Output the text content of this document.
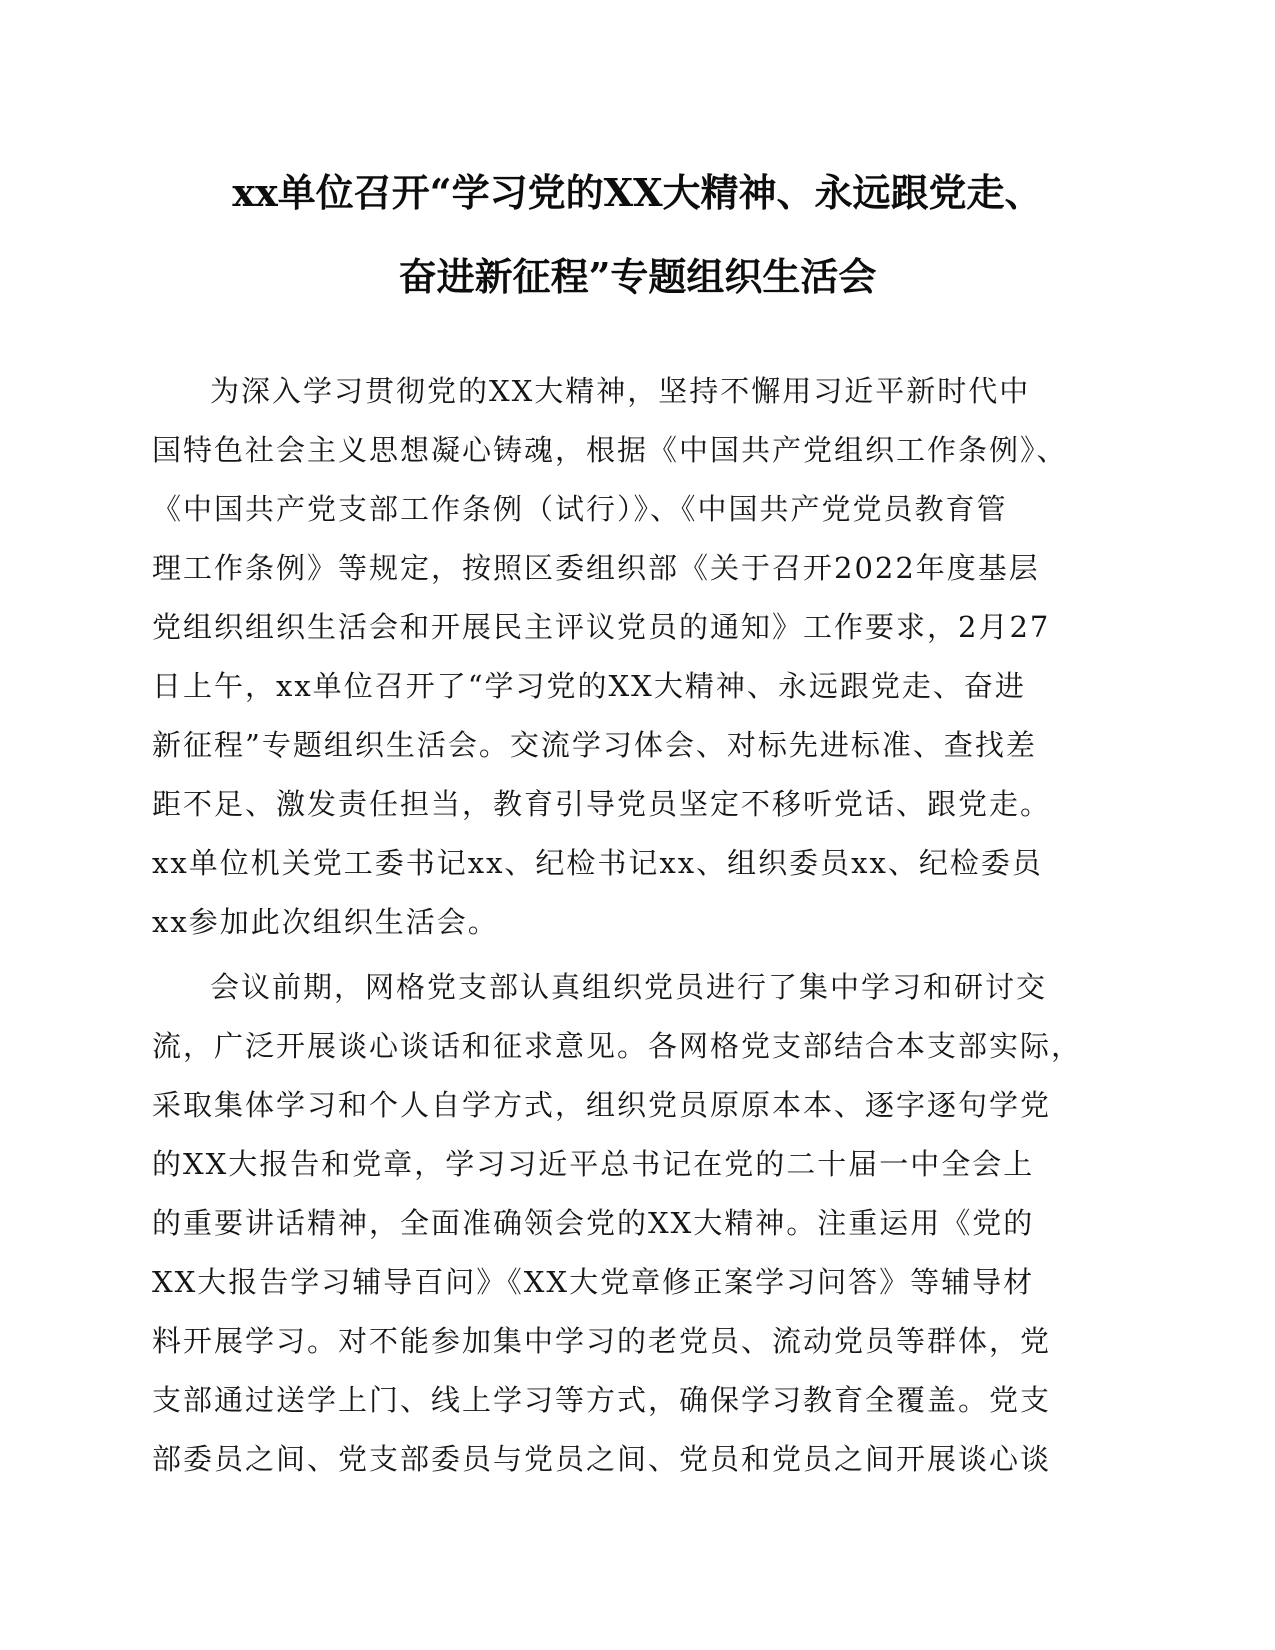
xx单位召开“学习党的XX大精神、永远跟党走、
奋进新征程”专题组织生活会
为深入学习贯彻党的XX大精神，坚持不懈用习近平新时代中
国特色社会主义思想凝心铸魂，根据《中国共产党组织工作条例》、
《中国共产党支部工作条例（试行）》、《中国共产党党员教育管
理工作条例》等规定，按照区委组织部《关于召开2022年度基层
党组织组织生活会和开展民主评议党员的通知》工作要求，2月27
日上午，xx单位召开了“学习党的XX大精神、永远跟党走、奋进
新征程”专题组织生活会。交流学习体会、对标先进标准、查找差
距不足、激发责任担当，教育引导党员坚定不移听党话、跟党走。
xx单位机关党工委书记xx、纪检书记xx、组织委员xx、纪检委员
xx参加此次组织生活会。
会议前期，网格党支部认真组织党员进行了集中学习和研讨交
流，广泛开展谈心谈话和征求意见。各网格党支部结合本支部实际，
采取集体学习和个人自学方式，组织党员原原本本、逐字逐句学党
的XX大报告和党章，学习习近平总书记在党的二十届一中全会上
的重要讲话精神，全面准确领会党的XX大精神。注重运用《党的
XX大报告学习辅导百问》《XX大党章修正案学习问答》等辅导材
料开展学习。对不能参加集中学习的老党员、流动党员等群体，党
支部通过送学上门、线上学习等方式，确保学习教育全覆盖。党支
部委员之间、党支部委员与党员之间、党员和党员之间开展谈心谈
